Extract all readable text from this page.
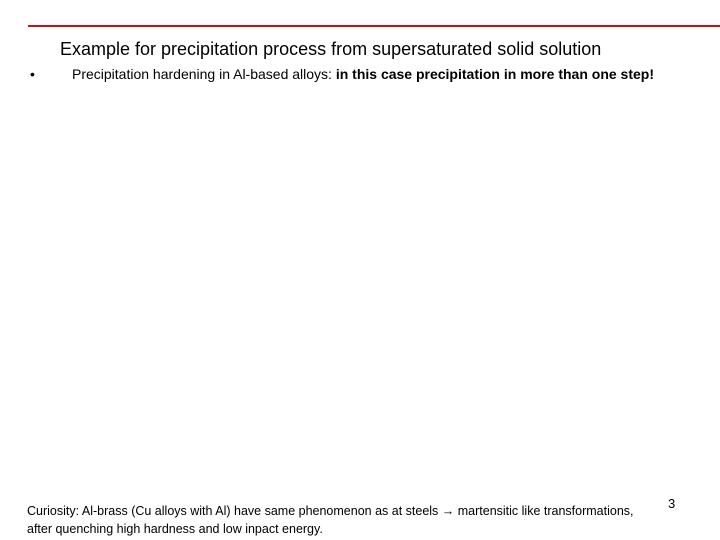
Example for precipitation process from supersaturated solid solution
•	Precipitation hardening in Al-based alloys: in this case precipitation in more than one step!
Curiosity: Al-brass (Cu alloys with Al) have same phenomenon as at steels → martensitic like transformations, after quenching high hardness and low inpact energy.
3
